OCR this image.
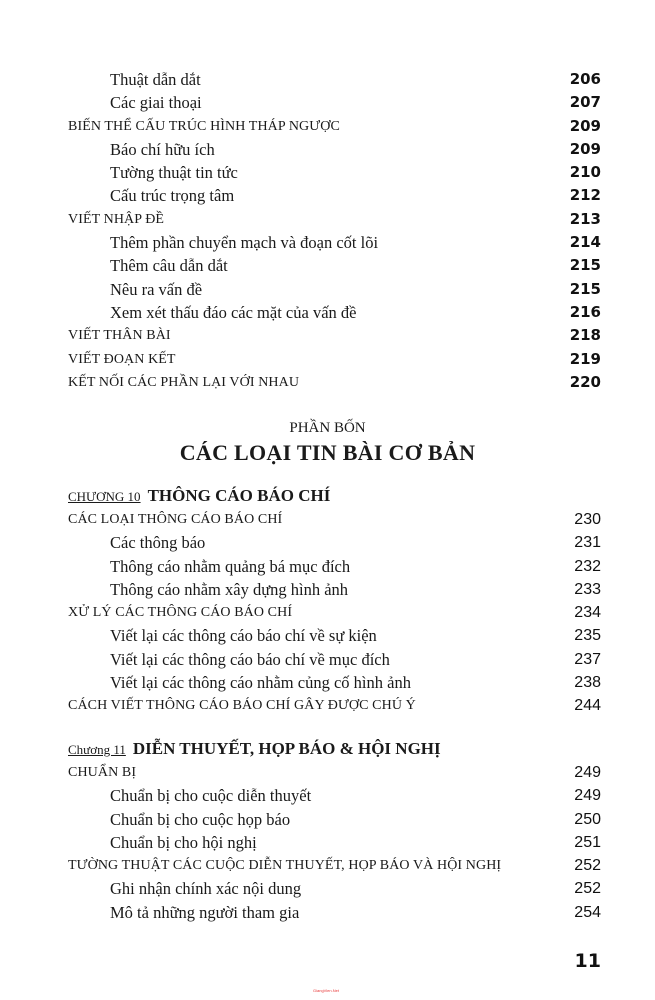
Thuật dẫn dắt	206
Các giai thoại	207
BIẾN THỂ CẤU TRÚC HÌNH THÁP NGƯỢC	209
Báo chí hữu ích	209
Tường thuật tin tức	210
Cấu trúc trọng tâm	212
VIẾT NHẬP ĐỀ	213
Thêm phần chuyển mạch và đoạn cốt lõi	214
Thêm câu dẫn dắt	215
Nêu ra vấn đề	215
Xem xét thấu đáo các mặt của vấn đề	216
VIẾT THÂN BÀI	218
VIẾT ĐOẠN KẾT	219
KẾT NỐI CÁC PHẦN LẠI VỚI NHAU	220
PHẦN BỐN
CÁC LOẠI TIN BÀI CƠ BẢN
CHƯƠNG 10 THÔNG CÁO BÁO CHÍ
CÁC LOẠI THÔNG CÁO BÁO CHÍ	230
Các thông báo	231
Thông cáo nhằm quảng bá mục đích	232
Thông cáo nhằm xây dựng hình ảnh	233
XỬ LÝ CÁC THÔNG CÁO BÁO CHÍ	234
Viết lại các thông cáo báo chí về sự kiện	235
Viết lại các thông cáo báo chí về mục đích	237
Viết lại các thông cáo nhằm củng cố hình ảnh	238
CÁCH VIẾT THÔNG CÁO BÁO CHÍ GÂY ĐƯỢC CHÚ Ý	244
Chương 11 DIỄN THUYẾT, HỌP BÁO & HỘI NGHỊ
CHUẨN BỊ	249
Chuẩn bị cho cuộc diễn thuyết	249
Chuẩn bị cho cuộc họp báo	250
Chuẩn bị cho hội nghị	251
TƯỜNG THUẬT CÁC CUỘC DIỄN THUYẾT, HỌP BÁO VÀ HỘI NGHỊ	252
Ghi nhận chính xác nội dung	252
Mô tả những người tham gia	254
11
GiangVien.Net
